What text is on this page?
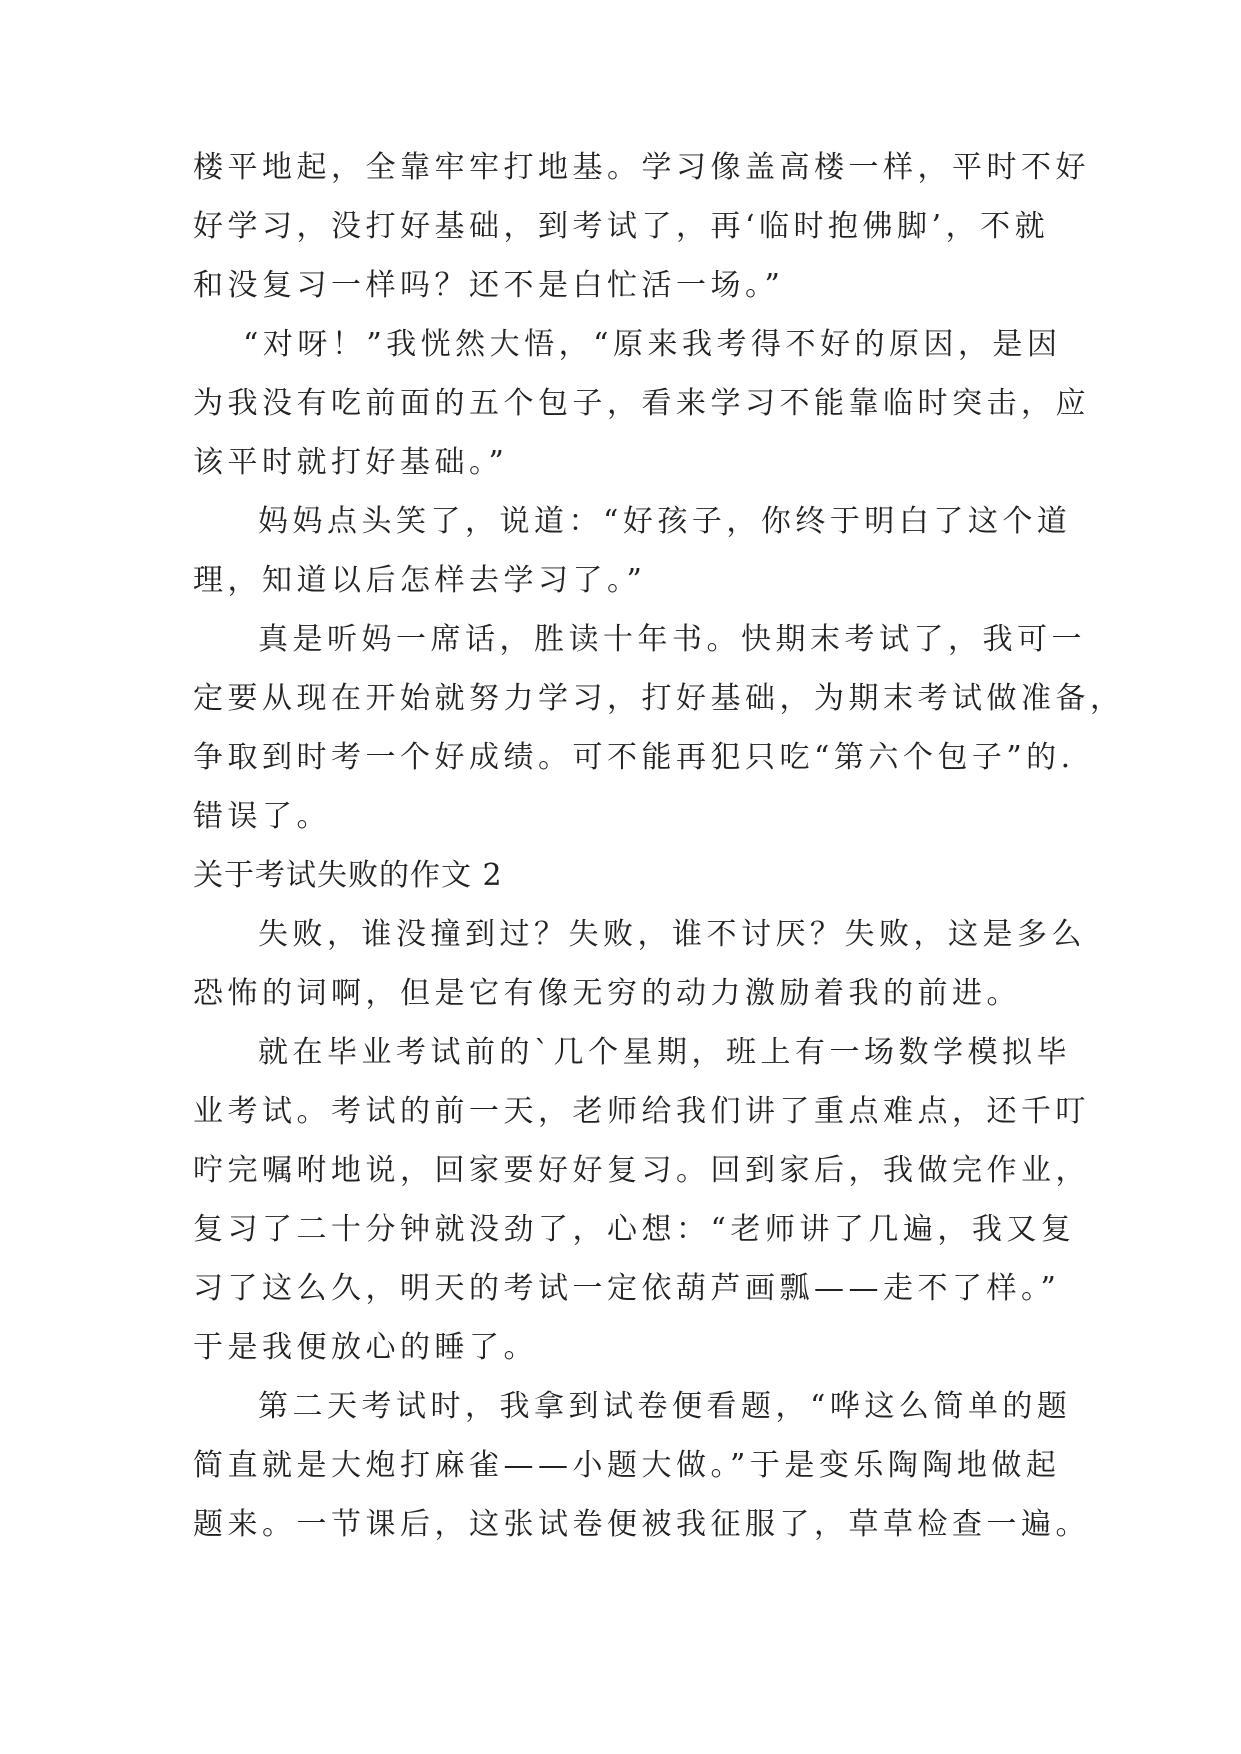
楼平地起，全靠牢牢打地基。学习像盖高楼一样，平时不好
好学习，没打好基础，到考试了，再‘临时抱佛脚’，不就
和没复习一样吗？还不是白忙活一场。”
“对呀！”我恍然大悟，“原来我考得不好的原因，是因
为我没有吃前面的五个包子，看来学习不能靠临时突击，应
该平时就打好基础。”
妈妈点头笑了，说道：“好孩子，你终于明白了这个道
理，知道以后怎样去学习了。”
真是听妈一席话，胜读十年书。快期末考试了，我可一
定要从现在开始就努力学习，打好基础，为期末考试做准备，
争取到时考一个好成绩。可不能再犯只吃“第六个包子”的.
错误了。
关于考试失败的作文 2
失败，谁没撞到过？失败，谁不讨厌？失败，这是多么
恐怖的词啊，但是它有像无穷的动力激励着我的前进。
就在毕业考试前的`几个星期，班上有一场数学模拟毕
业考试。考试的前一天，老师给我们讲了重点难点，还千叮
咛完嘱咐地说，回家要好好复习。回到家后，我做完作业，
复习了二十分钟就没劲了，心想：“老师讲了几遍，我又复
习了这么久，明天的考试一定依葫芦画瓢——走不了样。”
于是我便放心的睡了。
第二天考试时，我拿到试卷便看题，“哗这么简单的题
简直就是大炮打麻雀——小题大做。”于是变乐陶陶地做起
题来。一节课后，这张试卷便被我征服了，草草检查一遍。
